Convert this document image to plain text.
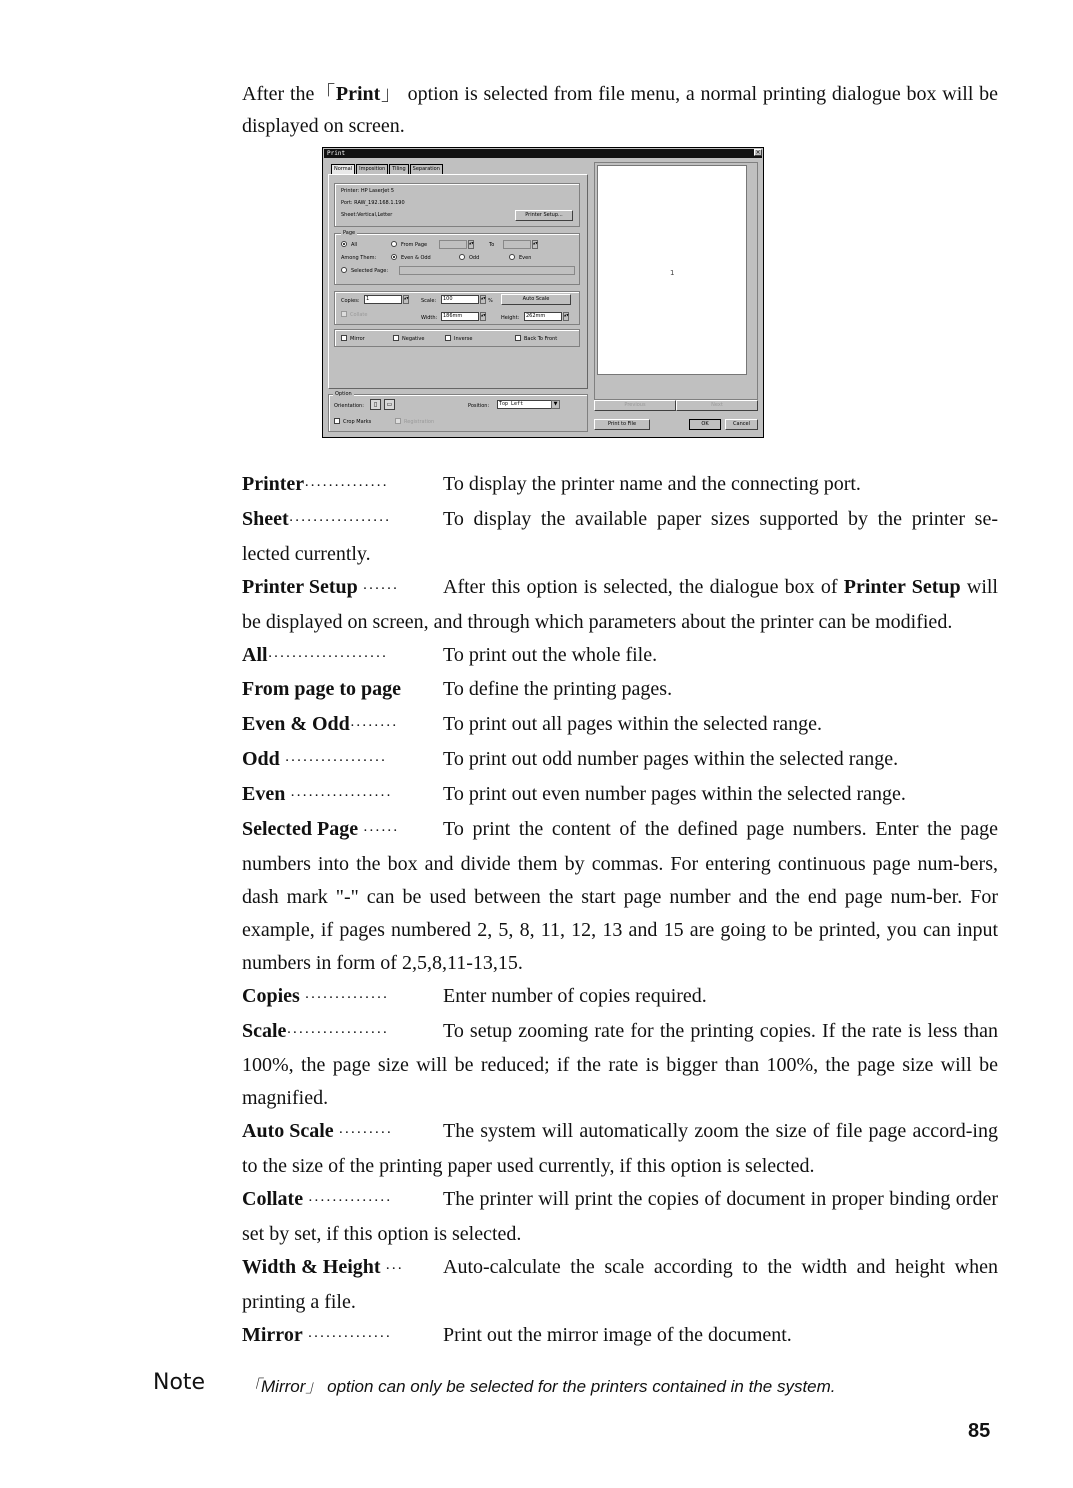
After the「Print」 option is selected from file menu, a normal printing dialogue box will be displayed on screen.
Print	×
Normal	Imposition	Tiling	Separation
Printer: HP LaserJet 5
Port: RAW_192.168.1.190
Sheet:Vertical,Letter	Printer Setup...
Page
All	From Page	▲▼	To	▲▼
Among Them:	Even & Odd	Odd	Even
Selected Page:
Copies:	1	▲▼ Scale:	100	▲▼ %	Auto Scale
Collate	Width:	186mm	▲▼	Height:	262mm	▲▼
Mirror	Negative	Inverse	Back To Front
Option
Orientation:	▯	▭	Position:	Top Left	▼
Crop Marks	Registration
1
Previous	Next
Print to File	OK	Cancel

Printer··············	To display the printer name and the connecting port.

Sheet·················	To display the available paper sizes supported by the printer se-lected currently.

Printer Setup ······ After this option is selected, the dialogue box of Printer Setup will be displayed on screen, and through which parameters about the printer can be modified.

All····················	To print out the whole file.

From page to page To define the printing pages.

Even & Odd········ To print out all pages within the selected range.

Odd ·················	To print out odd number pages within the selected range.

Even ·················	To print out even number pages within the selected range.

Selected Page ······ To print the content of the defined page numbers. Enter the page numbers into the box and divide them by commas. For entering continuous page num-bers, dash mark "-" can be used between the start page number and the end page num-ber. For example, if pages numbered 2, 5, 8, 11, 12, 13 and 15 are going to be printed, you can input numbers in form of 2,5,8,11-13,15.

Copies ··············	Enter number of copies required.

Scale·················	To setup zooming rate for the printing copies. If the rate is less than 100%, the page size will be reduced; if the rate is bigger than 100%, the page size will be magnified.

Auto Scale ·········	The system will automatically zoom the size of file page accord-ing to the size of the printing paper used currently, if this option is selected.

Collate ··············	The printer will print the copies of document in proper binding order set by set, if this option is selected.

Width & Height ··· Auto-calculate the scale according to the width and height when printing a file.

Mirror ··············	Print out the mirror image of the document.

Note 「Mirror」 option can only be selected for the printers contained in the system.
85
